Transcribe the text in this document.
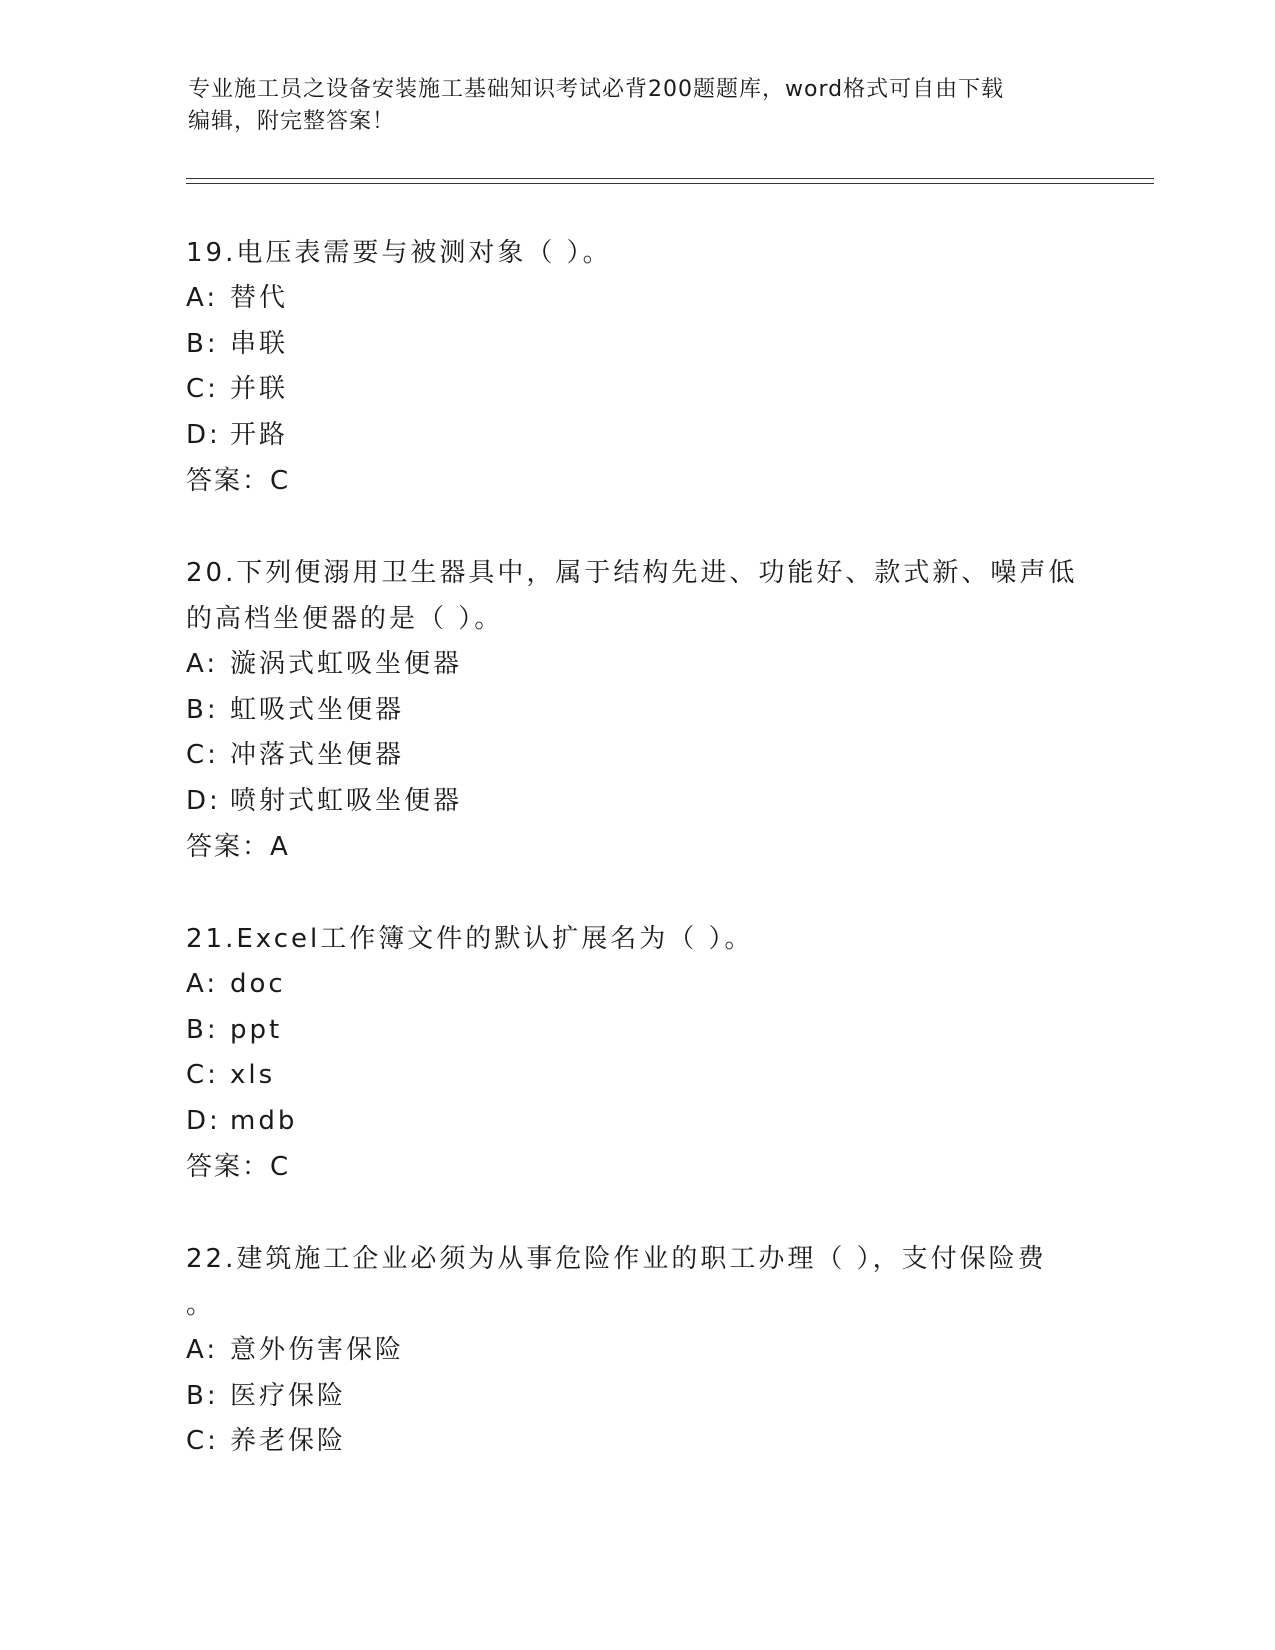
专业施工员之设备安装施工基础知识考试必背200题题库，word格式可自由下载
编辑，附完整答案！
19.电压表需要与被测对象（ ）。
A: 替代
B: 串联
C: 并联
D: 开路
答案：C
20.下列便溺用卫生器具中，属于结构先进、功能好、款式新、噪声低
的高档坐便器的是（ ）。
A: 漩涡式虹吸坐便器
B: 虹吸式坐便器
C: 冲落式坐便器
D: 喷射式虹吸坐便器
答案：A
21.Excel工作簿文件的默认扩展名为（ ）。
A: doc
B: ppt
C: xls
D: mdb
答案：C
22.建筑施工企业必须为从事危险作业的职工办理（ ），支付保险费
。
A: 意外伤害保险
B: 医疗保险
C: 养老保险
